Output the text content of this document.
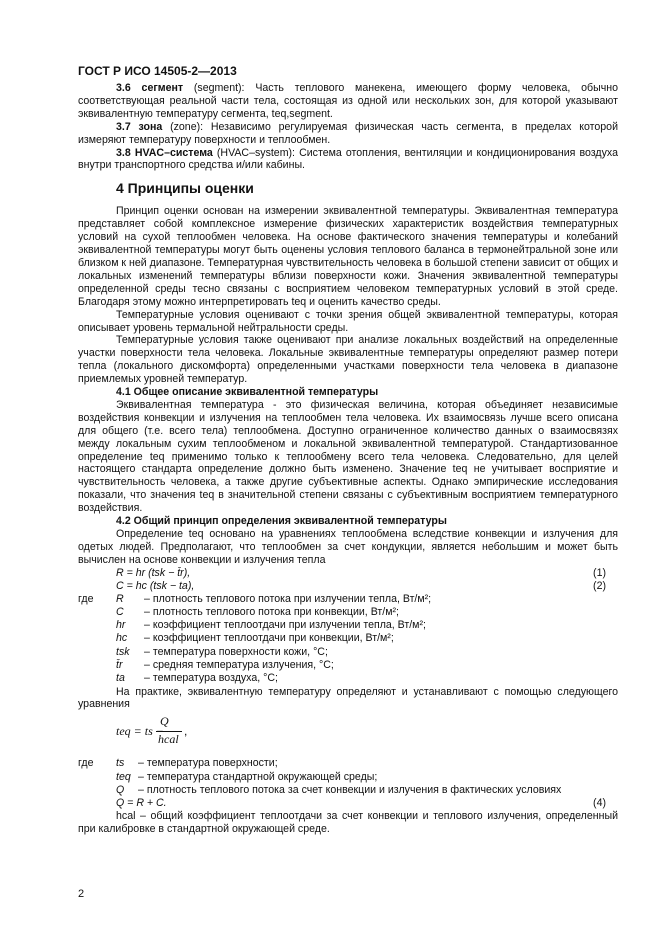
ГОСТ Р ИСО 14505-2—2013

3.6 сегмент (segment): Часть теплового манекена, имеющего форму человека, обычно соответствующая реальной части тела, состоящая из одной или нескольких зон, для которой указывают эквивалентную температуру сегмента, teq,segment.

3.7 зона (zone): Независимо регулируемая физическая часть сегмента, в пределах которой измеряют температуру поверхности и теплообмен.

3.8 HVAC–система (HVAC–system): Система отопления, вентиляции и кондиционирования воздуха внутри транспортного средства и/или кабины.

4 Принципы оценки

Принцип оценки основан на измерении эквивалентной температуры. Эквивалентная температура представляет собой комплексное измерение физических характеристик воздействия температурных условий на сухой теплообмен человека. На основе фактического значения температуры и колебаний эквивалентной температуры могут быть оценены условия теплового баланса в термонейтральной зоне или близком к ней диапазоне. Температурная чувствительность человека в большой степени зависит от общих и локальных изменений температуры вблизи поверхности кожи. Значения эквивалентной температуры определенной среды тесно связаны с восприятием человеком температурных условий в этой среде. Благодаря этому можно интерпретировать teq и оценить качество среды.

Температурные условия оценивают с точки зрения общей эквивалентной температуры, которая описывает уровень термальной нейтральности среды.

Температурные условия также оценивают при анализе локальных воздействий на определенные участки поверхности тела человека. Локальные эквивалентные температуры определяют размер потери тепла (локального дискомфорта) определенными участками поверхности тела человека в диапазоне приемлемых уровней температур.

4.1 Общее описание эквивалентной температуры

Эквивалентная температура - это физическая величина, которая объединяет независимые воздействия конвекции и излучения на теплообмен тела человека. Их взаимосвязь лучше всего описана для общего (т.е. всего тела) теплообмена. Доступно ограниченное количество данных о взаимосвязях между локальным сухим теплообменом и локальной эквивалентной температурой. Стандартизованное определение teq применимо только к теплообмену всего тела человека. Следовательно, для целей настоящего стандарта определение должно быть изменено. Значение teq не учитывает восприятие и чувствительность человека, а также другие субъективные аспекты. Однако эмпирические исследования показали, что значения teq в значительной степени связаны с субъективным восприятием температурного воздействия.

4.2 Общий принцип определения эквивалентной температуры

Определение teq основано на уравнениях теплообмена вследствие конвекции и излучения для одетых людей. Предполагают, что теплообмен за счет кондукции, является небольшим и может быть вычислен на основе конвекции и излучения тепла

R = hr (tsk − t̄r),	(1)
C = hc (tsk − ta),	(2)
где R – плотность теплового потока при излучении тепла, Вт/м²;
C – плотность теплового потока при конвекции, Вт/м²;
hr – коэффициент теплоотдачи при излучении тепла, Вт/м²;
hc – коэффициент теплоотдачи при конвекции, Вт/м²;
tsk – температура поверхности кожи, °С;
t̄r – средняя температура излучения, °С;
ta – температура воздуха, °С;

На практике, эквивалентную температуру определяют и устанавливают с помощью следующего уравнения

teq = ts −
Q
hcal
,
где ts – температура поверхности;
teq – температура стандартной окружающей среды;
Q – плотность теплового потока за счет конвекции и излучения в фактических условиях
Q = R + C.	(4)

hcal – общий коэффициент теплоотдачи за счет конвекции и теплового излучения, определенный при калибровке в стандартной окружающей среде.

2
